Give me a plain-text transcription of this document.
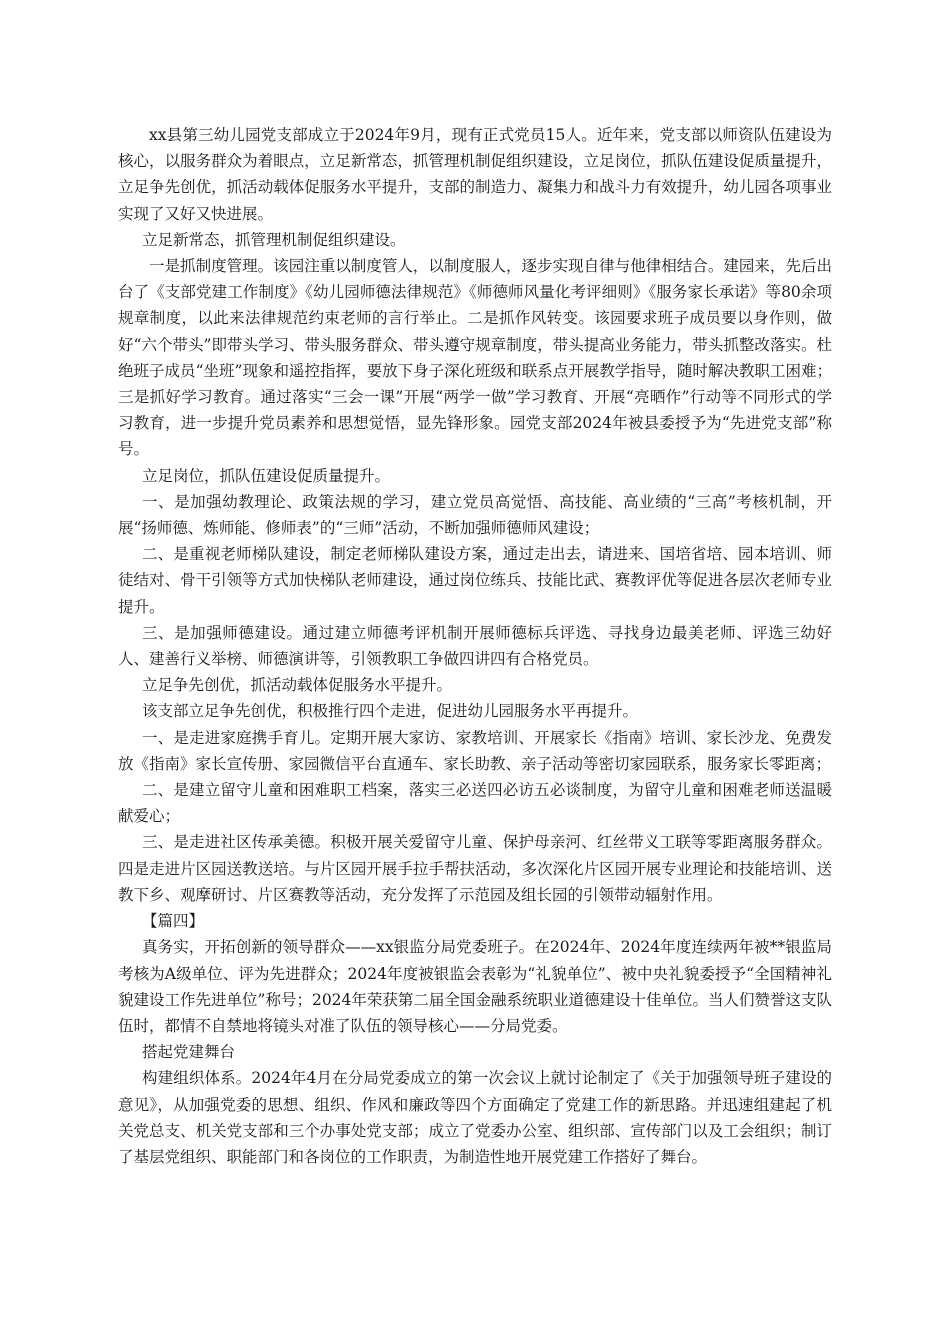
xx县第三幼儿园党支部成立于2024年9月，现有正式党员15人。近年来，党支部以师资队伍建设为核心，以服务群众为着眼点，立足新常态，抓管理机制促组织建设，立足岗位，抓队伍建设促质量提升，立足争先创优，抓活动载体促服务水平提升，支部的制造力、凝集力和战斗力有效提升，幼儿园各项事业实现了又好又快进展。

立足新常态，抓管理机制促组织建设。

一是抓制度管理。该园注重以制度管人，以制度服人，逐步实现自律与他律相结合。建园来，先后出台了《支部党建工作制度》《幼儿园师德法律规范》《师德师风量化考评细则》《服务家长承诺》等80余项规章制度，以此来法律规范约束老师的言行举止。二是抓作风转变。该园要求班子成员要以身作则，做好“六个带头”即带头学习、带头服务群众、带头遵守规章制度，带头提高业务能力，带头抓整改落实。杜绝班子成员“坐班”现象和遥控指挥，要放下身子深化班级和联系点开展教学指导，随时解决教职工困难；三是抓好学习教育。通过落实“三会一课”开展“两学一做”学习教育、开展“亮晒作”行动等不同形式的学习教育，进一步提升党员素养和思想觉悟，显先锋形象。园党支部2024年被县委授予为“先进党支部”称号。

立足岗位，抓队伍建设促质量提升。

一、是加强幼教理论、政策法规的学习，建立党员高觉悟、高技能、高业绩的“三高”考核机制，开展“扬师德、炼师能、修师表”的“三师”活动，不断加强师德师风建设；

二、是重视老师梯队建设，制定老师梯队建设方案，通过走出去，请进来、国培省培、园本培训、师徒结对、骨干引领等方式加快梯队老师建设，通过岗位练兵、技能比武、赛教评优等促进各层次老师专业提升。

三、是加强师德建设。通过建立师德考评机制开展师德标兵评选、寻找身边最美老师、评选三幼好人、建善行义举榜、师德演讲等，引领教职工争做四讲四有合格党员。

立足争先创优，抓活动载体促服务水平提升。

该支部立足争先创优，积极推行四个走进，促进幼儿园服务水平再提升。

一、是走进家庭携手育儿。定期开展大家访、家教培训、开展家长《指南》培训、家长沙龙、免费发放《指南》家长宣传册、家园微信平台直通车、家长助教、亲子活动等密切家园联系，服务家长零距离；

二、是建立留守儿童和困难职工档案，落实三必送四必访五必谈制度，为留守儿童和困难老师送温暖献爱心；

三、是走进社区传承美德。积极开展关爱留守儿童、保护母亲河、红丝带义工联等零距离服务群众。四是走进片区园送教送培。与片区园开展手拉手帮扶活动，多次深化片区园开展专业理论和技能培训、送教下乡、观摩研讨、片区赛教等活动，充分发挥了示范园及组长园的引领带动辐射作用。

【篇四】

真务实，开拓创新的领导群众——xx银监分局党委班子。在2024年、2024年度连续两年被**银监局考核为A级单位、评为先进群众；2024年度被银监会表彰为“礼貌单位”、被中央礼貌委授予“全国精神礼貌建设工作先进单位”称号；2024年荣获第二届全国金融系统职业道德建设十佳单位。当人们赞誉这支队伍时，都情不自禁地将镜头对准了队伍的领导核心——分局党委。

搭起党建舞台

构建组织体系。2024年4月在分局党委成立的第一次会议上就讨论制定了《关于加强领导班子建设的意见》，从加强党委的思想、组织、作风和廉政等四个方面确定了党建工作的新思路。并迅速组建起了机关党总支、机关党支部和三个办事处党支部；成立了党委办公室、组织部、宣传部门以及工会组织；制订了基层党组织、职能部门和各岗位的工作职责，为制造性地开展党建工作搭好了舞台。
